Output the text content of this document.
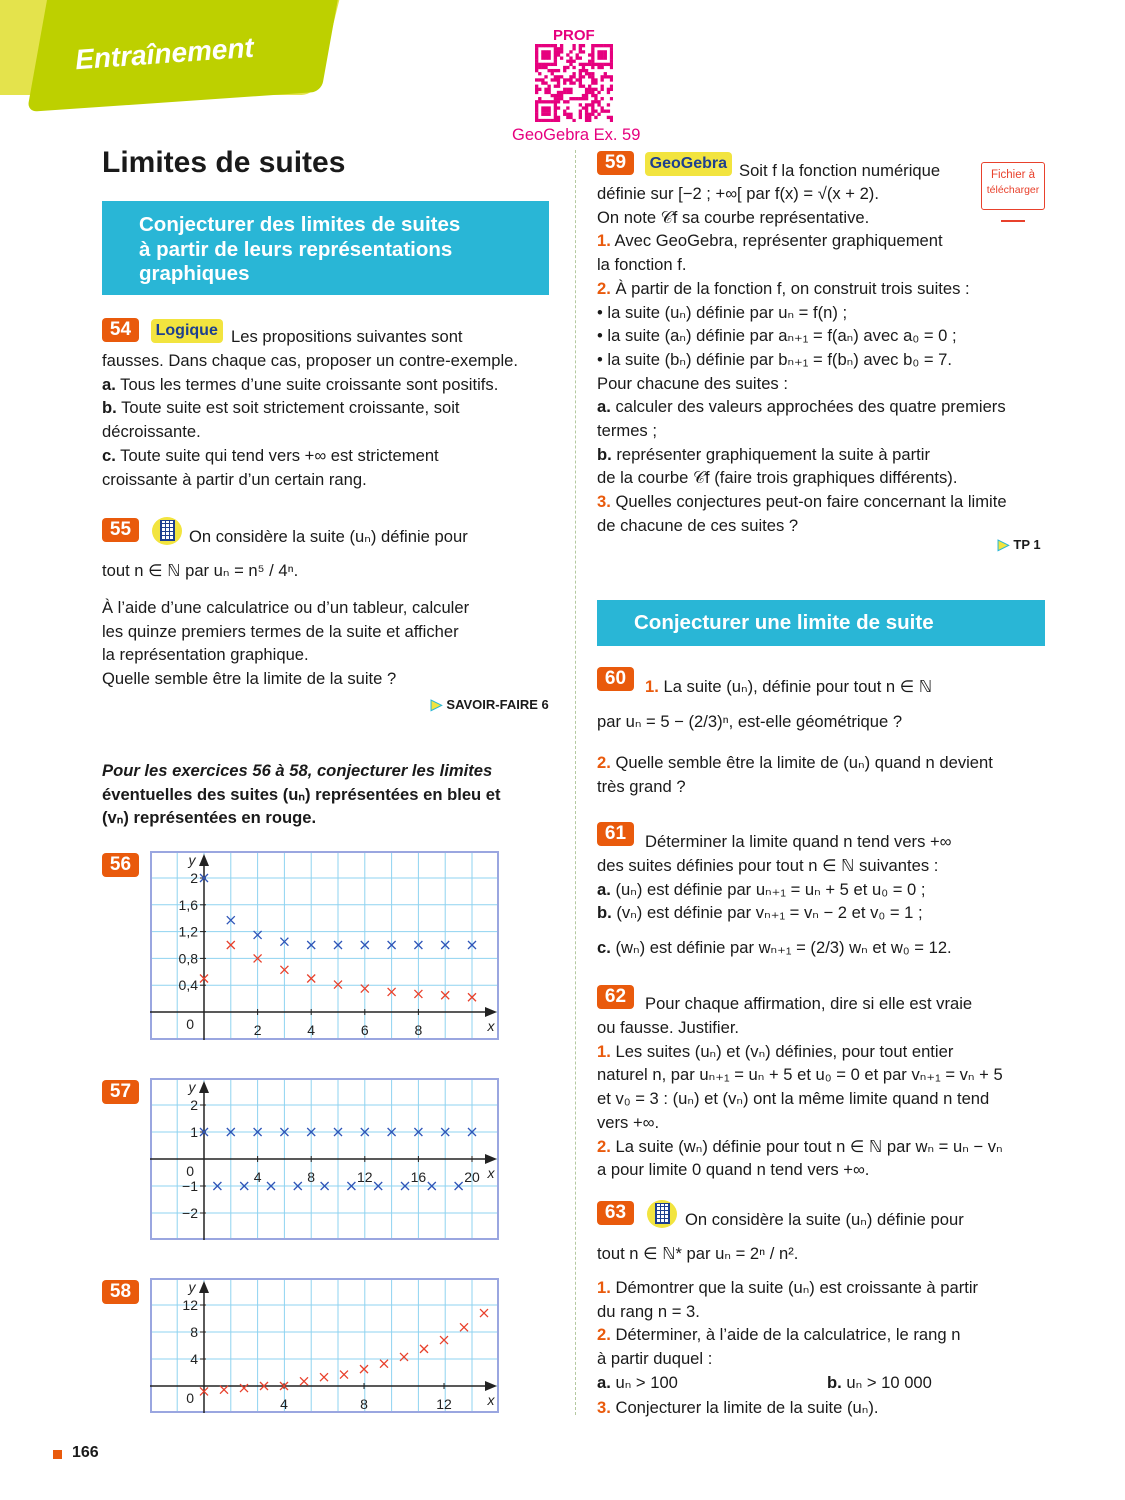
Entraînement	PROF
GeoGebra Ex. 59
Limites de suites
Conjecturer des limites de suites
à partir de leurs représentations
graphiques
54 Logique Les propositions suivantes sont
fausses. Dans chaque cas, proposer un contre-exemple.
a. Tous les termes d’une suite croissante sont positifs.
b. Toute suite est soit strictement croissante, soit
décroissante.
c. Toute suite qui tend vers +∞ est strictement
croissante à partir d’un certain rang.
55	On considère la suite (uₙ) définie pour
tout n ∈ ℕ par uₙ = n⁵ / 4ⁿ.
À l’aide d’une calculatrice ou d’un tableur, calculer
les quinze premiers termes de la suite et afficher
la représentation graphique.
Quelle semble être la limite de la suite ?
▶ SAVOIR-FAIRE 6
Pour les exercices 56 à 58, conjecturer les limites
éventuelles des suites (uₙ) représentées en bleu et
(vₙ) représentées en rouge.
56
0	x
y
2	4	6	8
0,4
0,8
1,2
1,6
2
57
0	x
y
4	8	12	16	20
−2
−1
1
2
58
0	x
y
4	8	12
4
8
12
59 GeoGebra
Fichier à
télécharger
Soit f la fonction numérique
définie sur [−2 ; +∞[ par f(x) = √(x + 2).
On note 𝒞f sa courbe représentative.
1. Avec GeoGebra, représenter graphiquement
la fonction f.
2. À partir de la fonction f, on construit trois suites :
• la suite (uₙ) définie par uₙ = f(n) ;
• la suite (aₙ) définie par aₙ₊₁ = f(aₙ) avec a₀ = 0 ;
• la suite (bₙ) définie par bₙ₊₁ = f(bₙ) avec b₀ = 7.
Pour chacune des suites :
a. calculer des valeurs approchées des quatre premiers
termes ;
b. représenter graphiquement la suite à partir
de la courbe 𝒞f (faire trois graphiques différents).
3. Quelles conjectures peut-on faire concernant la limite
de chacune de ces suites ?
▶ TP 1
Conjecturer une limite de suite
60	1. La suite (uₙ), définie pour tout n ∈ ℕ
par uₙ = 5 − (2/3)ⁿ, est-elle géométrique ?
2. Quelle semble être la limite de (uₙ) quand n devient
très grand ?
61	Déterminer la limite quand n tend vers +∞
des suites définies pour tout n ∈ ℕ suivantes :
a. (uₙ) est définie par uₙ₊₁ = uₙ + 5 et u₀ = 0 ;
b. (vₙ) est définie par vₙ₊₁ = vₙ − 2 et v₀ = 1 ;
c. (wₙ) est définie par wₙ₊₁ = (2/3) wₙ et w₀ = 12.
62	Pour chaque affirmation, dire si elle est vraie
ou fausse. Justifier.
1. Les suites (uₙ) et (vₙ) définies, pour tout entier
naturel n, par uₙ₊₁ = uₙ + 5 et u₀ = 0 et par vₙ₊₁ = vₙ + 5
et v₀ = 3 : (uₙ) et (vₙ) ont la même limite quand n tend
vers +∞.
2. La suite (wₙ) définie pour tout n ∈ ℕ par wₙ = uₙ − vₙ
a pour limite 0 quand n tend vers +∞.
63	On considère la suite (uₙ) définie pour
tout n ∈ ℕ* par uₙ = 2ⁿ / n².
1. Démontrer que la suite (uₙ) est croissante à partir
du rang n = 3.
2. Déterminer, à l’aide de la calculatrice, le rang n
à partir duquel :
a. uₙ > 100	b. uₙ > 10 000
3. Conjecturer la limite de la suite (uₙ).
166
